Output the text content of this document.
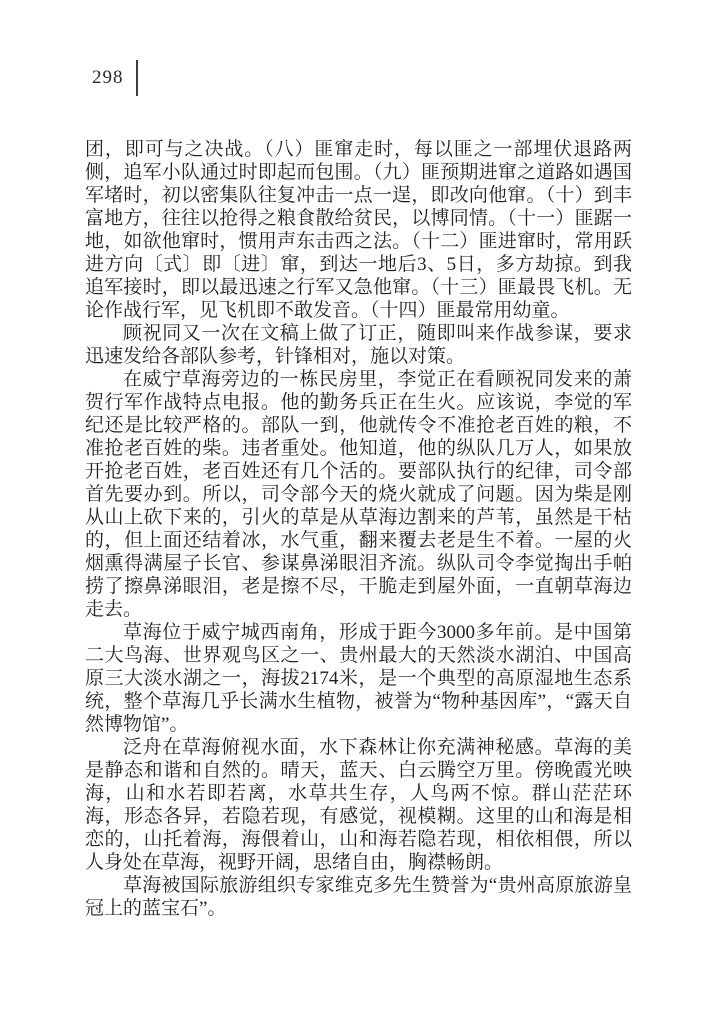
298

团，即可与之决战。（八）匪窜走时，每以匪之一部埋伏退路两侧，追军小队通过时即起而包围。（九）匪预期进窜之道路如遇国军堵时，初以密集队往复冲击一点一逞，即改向他窜。（十）到丰富地方，往往以抢得之粮食散给贫民，以博同情。（十一）匪踞一地，如欲他窜时，惯用声东击西之法。（十二）匪进窜时，常用跃进方向〔式〕即〔进〕窜，到达一地后3、5日，多方劫掠。到我追军接时，即以最迅速之行军又急他窜。（十三）匪最畏飞机。无论作战行军，见飞机即不敢发音。（十四）匪最常用幼童。

顾祝同又一次在文稿上做了订正，随即叫来作战参谋，要求迅速发给各部队参考，针锋相对，施以对策。

在威宁草海旁边的一栋民房里，李觉正在看顾祝同发来的萧贺行军作战特点电报。他的勤务兵正在生火。应该说，李觉的军纪还是比较严格的。部队一到，他就传令不准抢老百姓的粮，不准抢老百姓的柴。违者重处。他知道，他的纵队几万人，如果放开抢老百姓，老百姓还有几个活的。要部队执行的纪律，司令部首先要办到。所以，司令部今天的烧火就成了问题。因为柴是刚从山上砍下来的，引火的草是从草海边割来的芦苇，虽然是干枯的，但上面还结着冰，水气重，翻来覆去老是生不着。一屋的火烟熏得满屋子长官、参谋鼻涕眼泪齐流。纵队司令李觉掏出手帕捞了擦鼻涕眼泪，老是擦不尽，干脆走到屋外面，一直朝草海边走去。

草海位于威宁城西南角，形成于距今3000多年前。是中国第二大鸟海、世界观鸟区之一、贵州最大的天然淡水湖泊、中国高原三大淡水湖之一，海拔2174米，是一个典型的高原湿地生态系统，整个草海几乎长满水生植物，被誉为“物种基因库”，“露天自然博物馆”。

泛舟在草海俯视水面，水下森林让你充满神秘感。草海的美是静态和谐和自然的。晴天，蓝天、白云腾空万里。傍晚霞光映海，山和水若即若离，水草共生存，人鸟两不惊。群山茫茫环海，形态各异，若隐若现，有感觉，视模糊。这里的山和海是相恋的，山托着海，海偎着山，山和海若隐若现，相依相偎，所以人身处在草海，视野开阔，思绪自由，胸襟畅朗。

草海被国际旅游组织专家维克多先生赞誉为“贵州高原旅游皇冠上的蓝宝石”。
